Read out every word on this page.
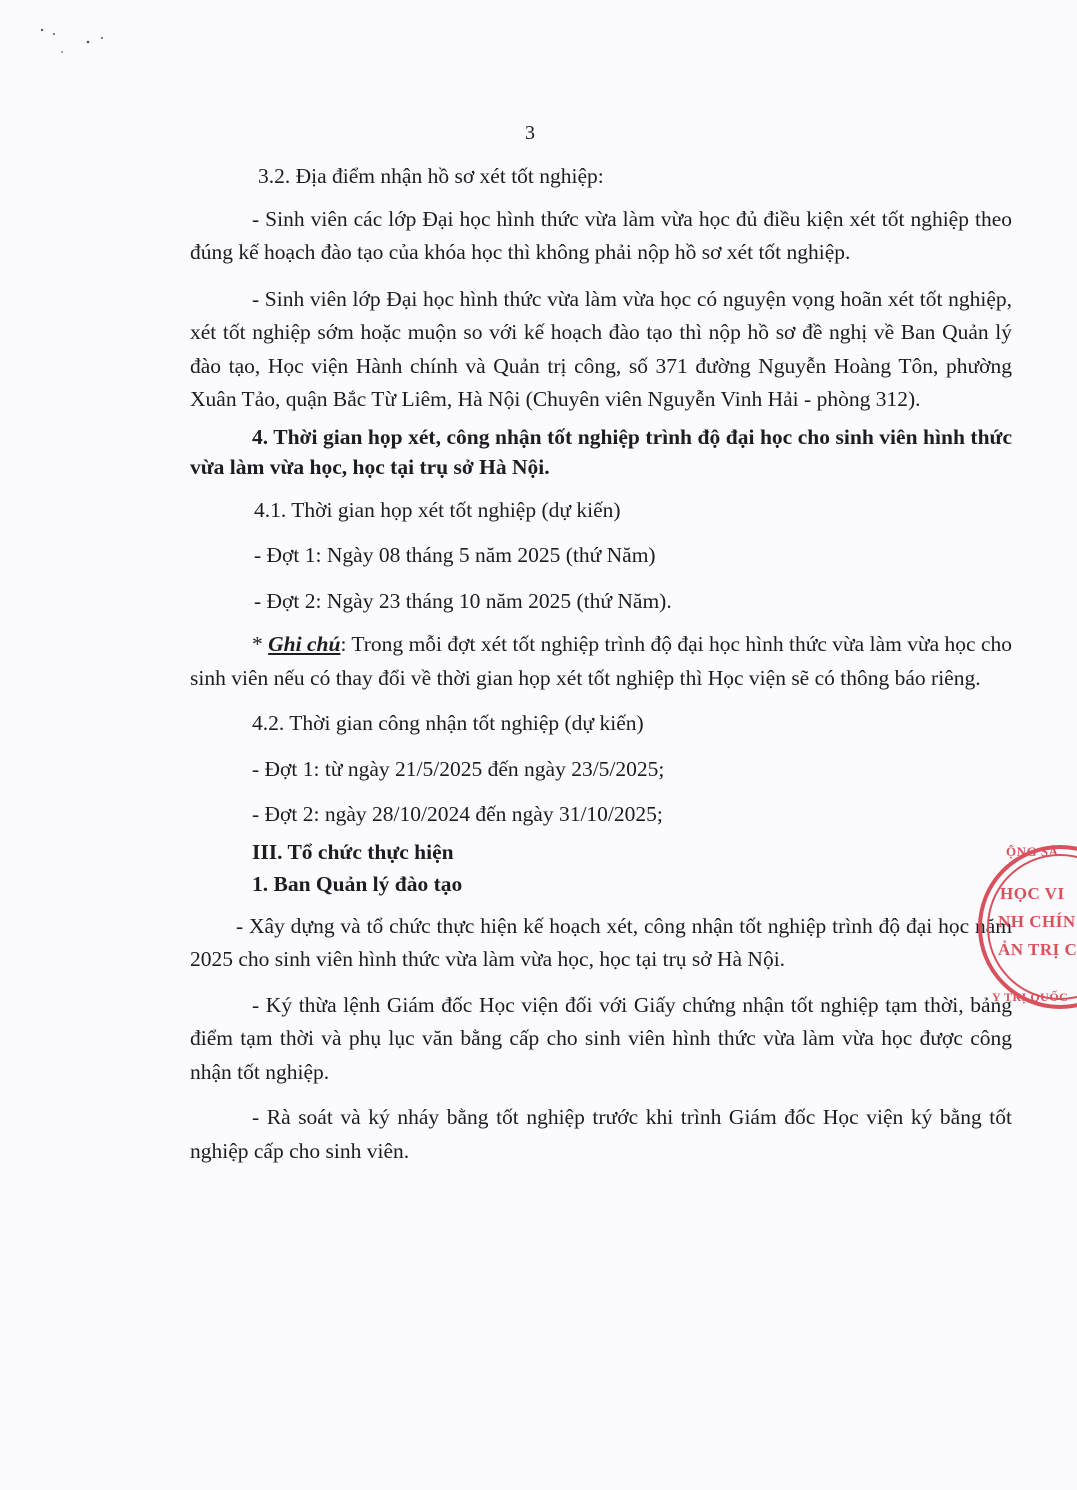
3

3.2. Địa điểm nhận hồ sơ xét tốt nghiệp:

- Sinh viên các lớp Đại học hình thức vừa làm vừa học đủ điều kiện xét tốt nghiệp theo đúng kế hoạch đào tạo của khóa học thì không phải nộp hồ sơ xét tốt nghiệp.

- Sinh viên lớp Đại học hình thức vừa làm vừa học có nguyện vọng hoãn xét tốt nghiệp, xét tốt nghiệp sớm hoặc muộn so với kế hoạch đào tạo thì nộp hồ sơ đề nghị về Ban Quản lý đào tạo, Học viện Hành chính và Quản trị công, số 371 đường Nguyễn Hoàng Tôn, phường Xuân Tảo, quận Bắc Từ Liêm, Hà Nội (Chuyên viên Nguyễn Vinh Hải - phòng 312).

4. Thời gian họp xét, công nhận tốt nghiệp trình độ đại học cho sinh viên hình thức vừa làm vừa học, học tại trụ sở Hà Nội.

4.1. Thời gian họp xét tốt nghiệp (dự kiến)

- Đợt 1: Ngày 08 tháng 5 năm 2025 (thứ Năm)

- Đợt 2: Ngày 23 tháng 10 năm 2025 (thứ Năm).

* Ghi chú: Trong mỗi đợt xét tốt nghiệp trình độ đại học hình thức vừa làm vừa học cho sinh viên nếu có thay đổi về thời gian họp xét tốt nghiệp thì Học viện sẽ có thông báo riêng.

4.2. Thời gian công nhận tốt nghiệp (dự kiến)

- Đợt 1: từ ngày 21/5/2025 đến ngày 23/5/2025;

- Đợt 2: ngày 28/10/2024 đến ngày 31/10/2025;

III. Tổ chức thực hiện

1. Ban Quản lý đào tạo

- Xây dựng và tổ chức thực hiện kế hoạch xét, công nhận tốt nghiệp trình độ đại học năm 2025 cho sinh viên hình thức vừa làm vừa học, học tại trụ sở Hà Nội.

- Ký thừa lệnh Giám đốc Học viện đối với Giấy chứng nhận tốt nghiệp tạm thời, bảng điểm tạm thời và phụ lục văn bằng cấp cho sinh viên hình thức vừa làm vừa học được công nhận tốt nghiệp.

- Rà soát và ký nháy bằng tốt nghiệp trước khi trình Giám đốc Học viện ký bằng tốt nghiệp cấp cho sinh viên.

ỘNG SẢ
HỌC VI
NH CHÍN
ẢN TRỊ C
Y TRỊ QUỐC
